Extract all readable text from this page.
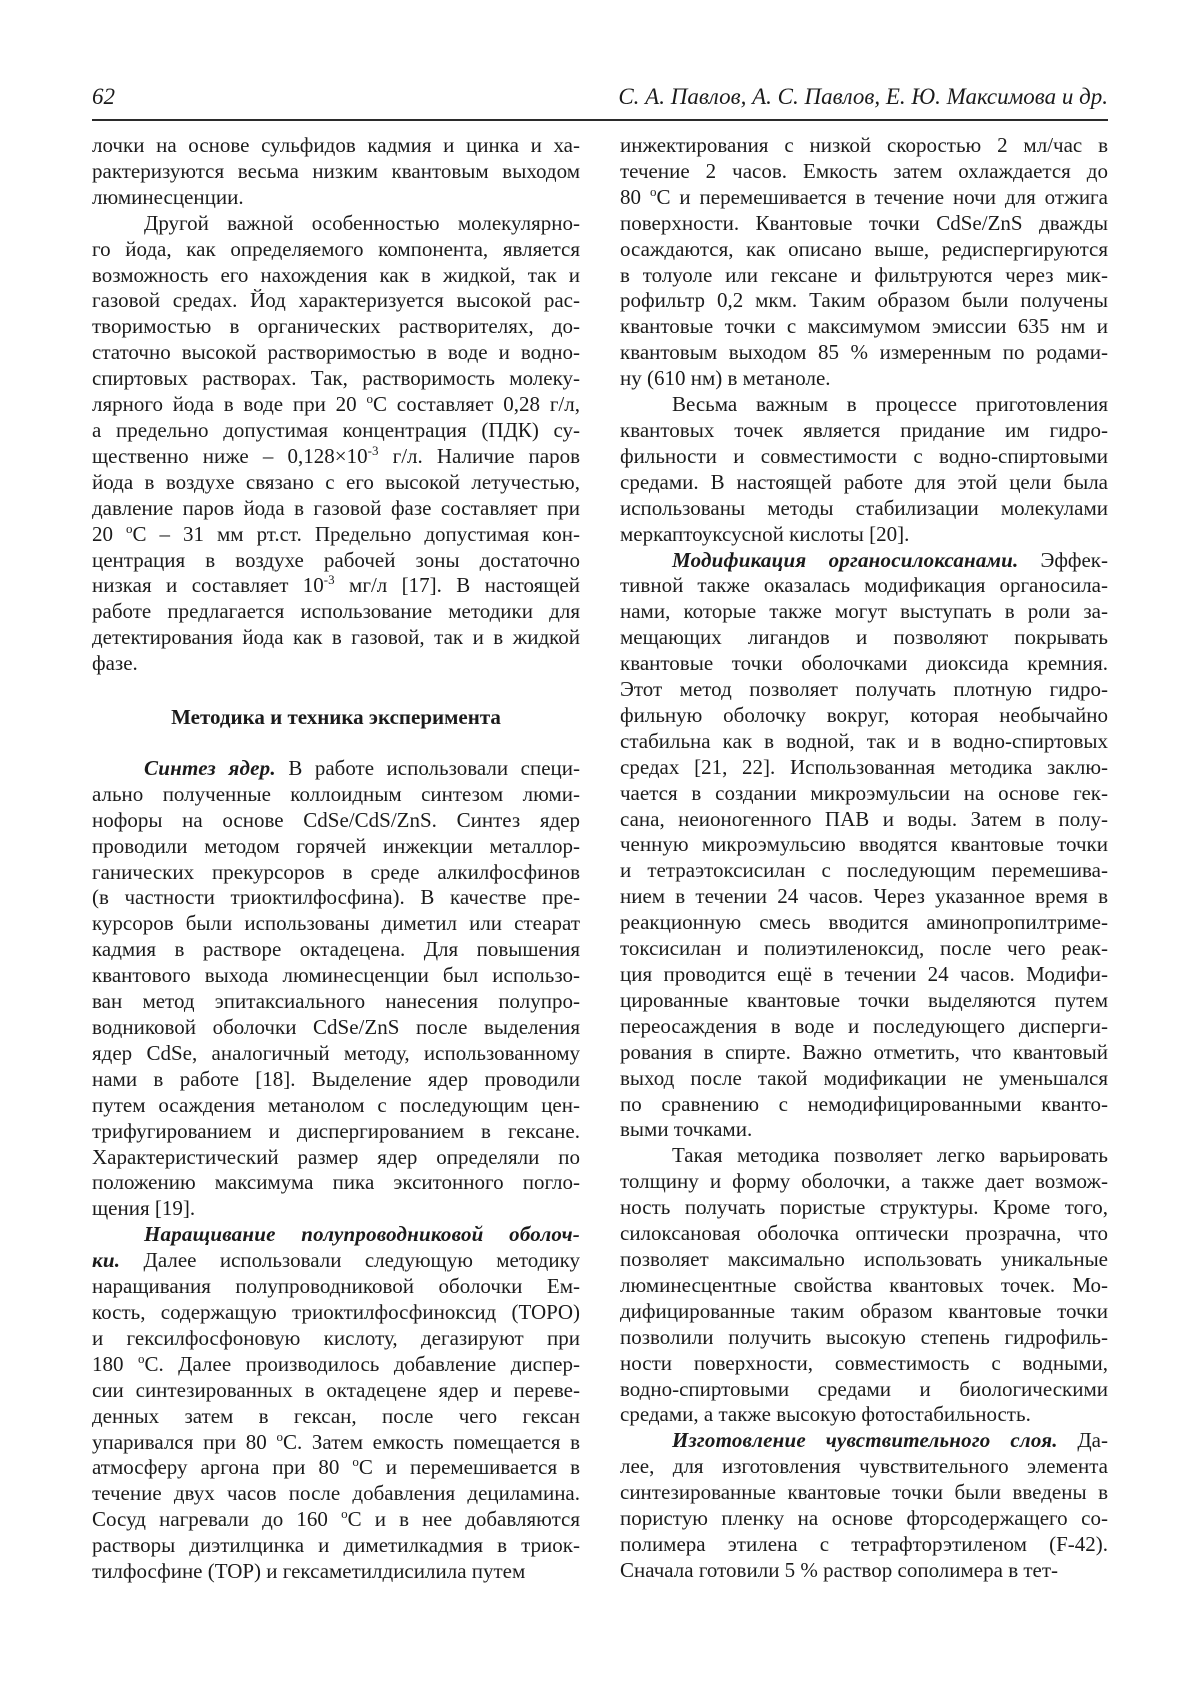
62	С. А. Павлов, А. С. Павлов, Е. Ю. Максимова и др.
лочки на основе сульфидов кадмия и цинка и ха-
рактеризуются весьма низким квантовым выходом
люминесценции.
Другой важной особенностью молекулярно-
го йода, как определяемого компонента, является
возможность его нахождения как в жидкой, так и
газовой средах. Йод характеризуется высокой рас-
творимостью в органических растворителях, до-
статочно высокой растворимостью в воде и водно-
спиртовых растворах. Так, растворимость молеку-
лярного йода в воде при 20 $^о$С составляет 0,28 г/л,
а предельно допустимая концентрация (ПДК) су-
щественно ниже – $0,128\times 10^{-3}$ г/л. Наличие паров
йода в воздухе связано с его высокой летучестью,
давление паров йода в газовой фазе составляет при
20 $^о$С – 31 мм рт.ст. Предельно допустимая кон-
центрация в воздухе рабочей зоны достаточно
низкая и составляет $10^{-3}$ мг/л [17]. В настоящей
работе предлагается использование методики для
детектирования йода как в газовой, так и в жидкой
фазе.
Методика и техника эксперимента
Синтез ядер. В работе использовали специ-
ально полученные коллоидным синтезом люми-
нофоры на основе CdSe/CdS/ZnS. Синтез ядер
проводили методом горячей инжекции металлор-
ганических прекурсоров в среде алкилфосфинов
(в частности триоктилфосфина). В качестве пре-
курсоров были использованы диметил или стеарат
кадмия в растворе октадецена. Для повышения
квантового выхода люминесценции был использо-
ван метод эпитаксиального нанесения полупро-
водниковой оболочки CdSe/ZnS после выделения
ядер CdSe, аналогичный методу, использованному
нами в работе [18]. Выделение ядер проводили
путем осаждения метанолом с последующим цен-
трифугированием и диспергированием в гексане.
Характеристический размер ядер определяли по
положению максимума пика экситонного погло-
щения [19].
Наращивание полупроводниковой оболоч-
ки. Далее использовали следующую методику
наращивания полупроводниковой оболочки Ем-
кость, содержащую триоктилфосфиноксид (TOPO)
и гексилфосфоновую кислоту, дегазируют при
180 $^о$С. Далее производилось добавление диспер-
сии синтезированных в октадецене ядер и переве-
денных затем в гексан, после чего гексан
упаривался при 80 $^о$С. Затем емкость помещается в
атмосферу аргона при 80 $^о$С и перемешивается в
течение двух часов после добавления дециламина.
Сосуд нагревали до 160 $^о$С и в нее добавляются
растворы диэтилцинка и диметилкадмия в триок-
тилфосфине (TOP) и гексаметилдисилила путем
инжектирования с низкой скоростью 2 мл/час в
течение 2 часов. Емкость затем охлаждается до
80 $^о$С и перемешивается в течение ночи для отжига
поверхности. Квантовые точки CdSe/ZnS дважды
осаждаются, как описано выше, редиспергируются
в толуоле или гексане и фильтруются через мик-
рофильтр 0,2 мкм. Таким образом были получены
квантовые точки с максимумом эмиссии 635 нм и
квантовым выходом 85 % измеренным по родами-
ну (610 нм) в метаноле.
Весьма важным в процессе приготовления
квантовых точек является придание им гидро-
фильности и совместимости с водно-спиртовыми
средами. В настоящей работе для этой цели была
использованы методы стабилизации молекулами
меркаптоуксусной кислоты [20].
Модификация органосилоксанами. Эффек-
тивной также оказалась модификация органосила-
нами, которые также могут выступать в роли за-
мещающих лигандов и позволяют покрывать
квантовые точки оболочками диоксида кремния.
Этот метод позволяет получать плотную гидро-
фильную оболочку вокруг, которая необычайно
стабильна как в водной, так и в водно-спиртовых
средах [21, 22]. Использованная методика заклю-
чается в создании микроэмульсии на основе гек-
сана, неионогенного ПАВ и воды. Затем в полу-
ченную микроэмульсию вводятся квантовые точки
и тетраэтоксисилан с последующим перемешива-
нием в течении 24 часов. Через указанное время в
реакционную смесь вводится аминопропилтриме-
токсисилан и полиэтиленоксид, после чего реак-
ция проводится ещё в течении 24 часов. Модифи-
цированные квантовые точки выделяются путем
переосаждения в воде и последующего дисперги-
рования в спирте. Важно отметить, что квантовый
выход после такой модификации не уменьшался
по сравнению с немодифицированными кванто-
выми точками.
Такая методика позволяет легко варьировать
толщину и форму оболочки, а также дает возмож-
ность получать пористые структуры. Кроме того,
силоксановая оболочка оптически прозрачна, что
позволяет максимально использовать уникальные
люминесцентные свойства квантовых точек. Мо-
дифицированные таким образом квантовые точки
позволили получить высокую степень гидрофиль-
ности поверхности, совместимость с водными,
водно-спиртовыми средами и биологическими
средами, а также высокую фотостабильность.
Изготовление чувствительного слоя. Да-
лее, для изготовления чувствительного элемента
синтезированные квантовые точки были введены в
пористую пленку на основе фторсодержащего со-
полимера этилена с тетрафторэтиленом (F-42).
Сначала готовили 5 % раствор сополимера в тет-
